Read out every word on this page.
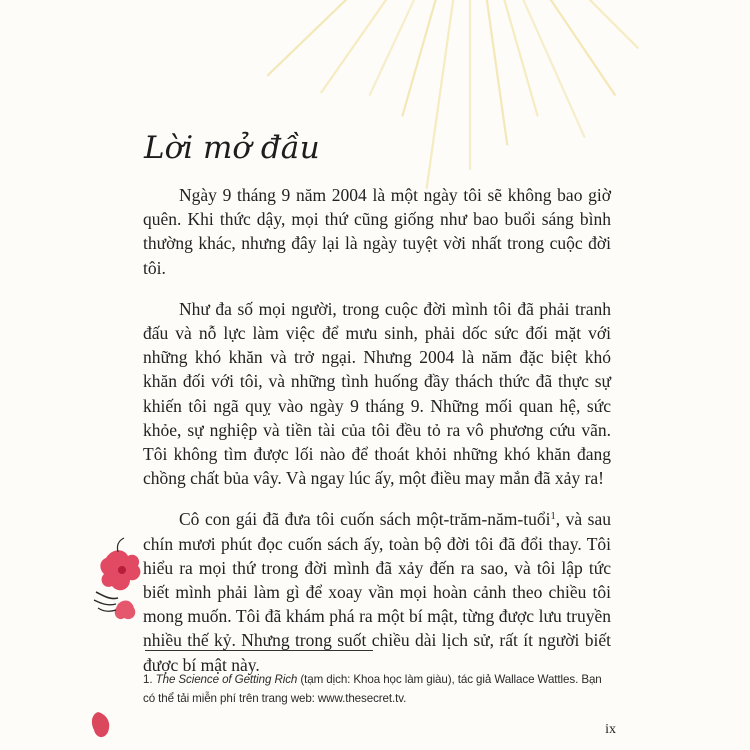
Lời mở đầu

Ngày 9 tháng 9 năm 2004 là một ngày tôi sẽ không bao giờ quên. Khi thức dậy, mọi thứ cũng giống như bao buổi sáng bình thường khác, nhưng đây lại là ngày tuyệt vời nhất trong cuộc đời tôi.

Như đa số mọi người, trong cuộc đời mình tôi đã phải tranh đấu và nỗ lực làm việc để mưu sinh, phải dốc sức đối mặt với những khó khăn và trở ngại. Nhưng 2004 là năm đặc biệt khó khăn đối với tôi, và những tình huống đầy thách thức đã thực sự khiến tôi ngã quỵ vào ngày 9 tháng 9. Những mối quan hệ, sức khỏe, sự nghiệp và tiền tài của tôi đều tỏ ra vô phương cứu vãn. Tôi không tìm được lối nào để thoát khỏi những khó khăn đang chồng chất bủa vây. Và ngay lúc ấy, một điều may mắn đã xảy ra!

Cô con gái đã đưa tôi cuốn sách một-trăm-năm-tuổi$^1$, và sau chín mươi phút đọc cuốn sách ấy, toàn bộ đời tôi đã đổi thay. Tôi hiểu ra mọi thứ trong đời mình đã xảy đến ra sao, và tôi lập tức biết mình phải làm gì để xoay vần mọi hoàn cảnh theo chiều tôi mong muốn. Tôi đã khám phá ra một bí mật, từng được lưu truyền nhiều thế kỷ. Nhưng trong suốt chiều dài lịch sử, rất ít người biết được bí mật này.

1. The Science of Getting Rich (tạm dịch: Khoa học làm giàu), tác giả Wallace Wattles. Bạn có thể tải miễn phí trên trang web: www.thesecret.tv.
ix
